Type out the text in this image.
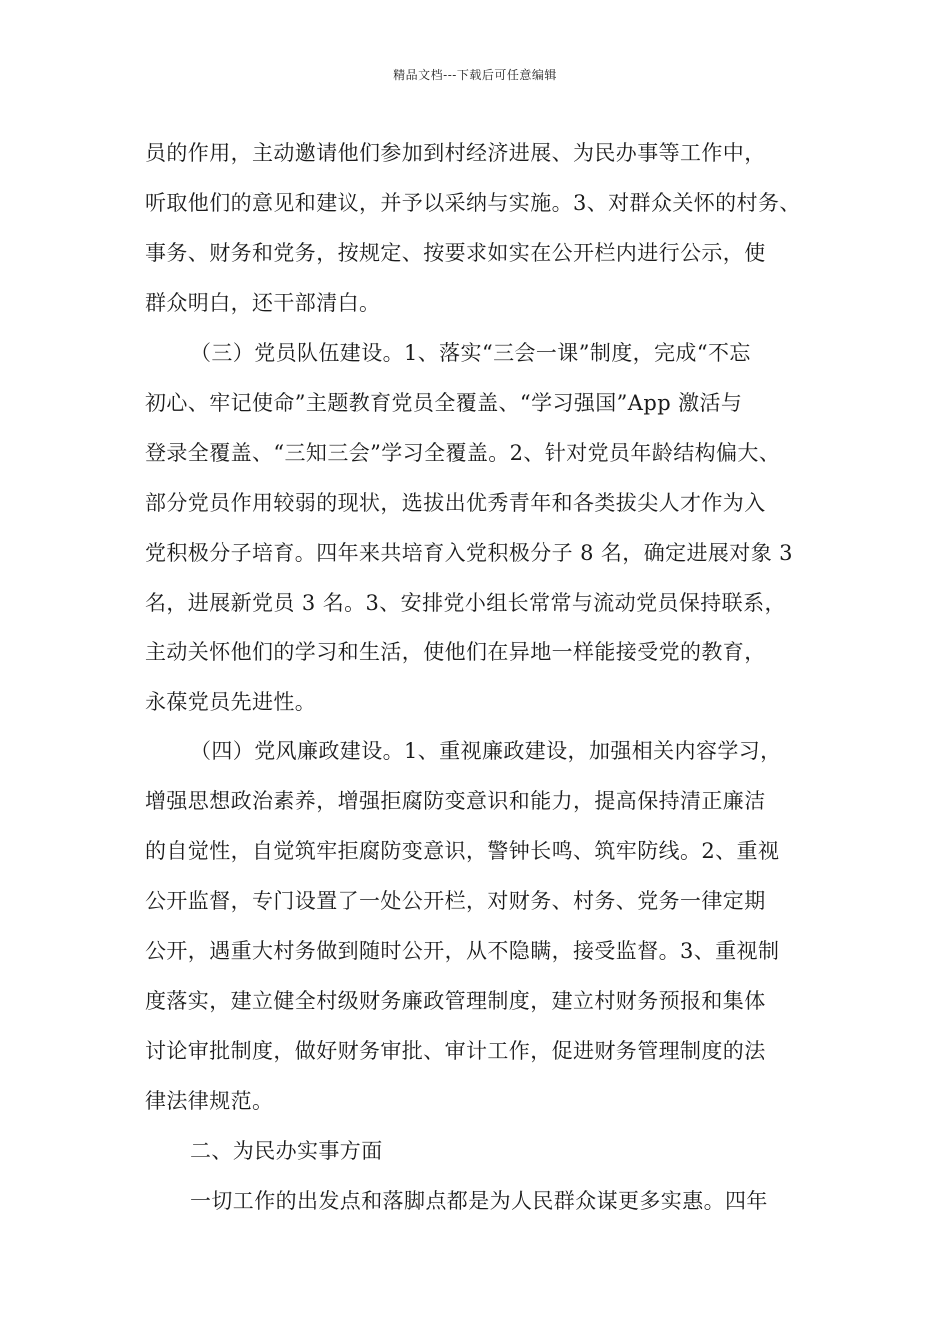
精品文档---下载后可任意编辑
员的作用，主动邀请他们参加到村经济进展、为民办事等工作中，
听取他们的意见和建议，并予以采纳与实施。3、对群众关怀的村务、
事务、财务和党务，按规定、按要求如实在公开栏内进行公示，使
群众明白，还干部清白。
（三）党员队伍建设。1、落实“三会一课”制度，完成“不忘
初心、牢记使命”主题教育党员全覆盖、“学习强国”App 激活与
登录全覆盖、“三知三会”学习全覆盖。2、针对党员年龄结构偏大、
部分党员作用较弱的现状，选拔出优秀青年和各类拔尖人才作为入
党积极分子培育。四年来共培育入党积极分子 8 名，确定进展对象 3
名，进展新党员 3 名。3、安排党小组长常常与流动党员保持联系，
主动关怀他们的学习和生活，使他们在异地一样能接受党的教育，
永葆党员先进性。
（四）党风廉政建设。1、重视廉政建设，加强相关内容学习，
增强思想政治素养，增强拒腐防变意识和能力，提高保持清正廉洁
的自觉性，自觉筑牢拒腐防变意识，警钟长鸣、筑牢防线。2、重视
公开监督，专门设置了一处公开栏，对财务、村务、党务一律定期
公开，遇重大村务做到随时公开，从不隐瞒，接受监督。3、重视制
度落实，建立健全村级财务廉政管理制度，建立村财务预报和集体
讨论审批制度，做好财务审批、审计工作，促进财务管理制度的法
律法律规范。
二、为民办实事方面
一切工作的出发点和落脚点都是为人民群众谋更多实惠。四年
